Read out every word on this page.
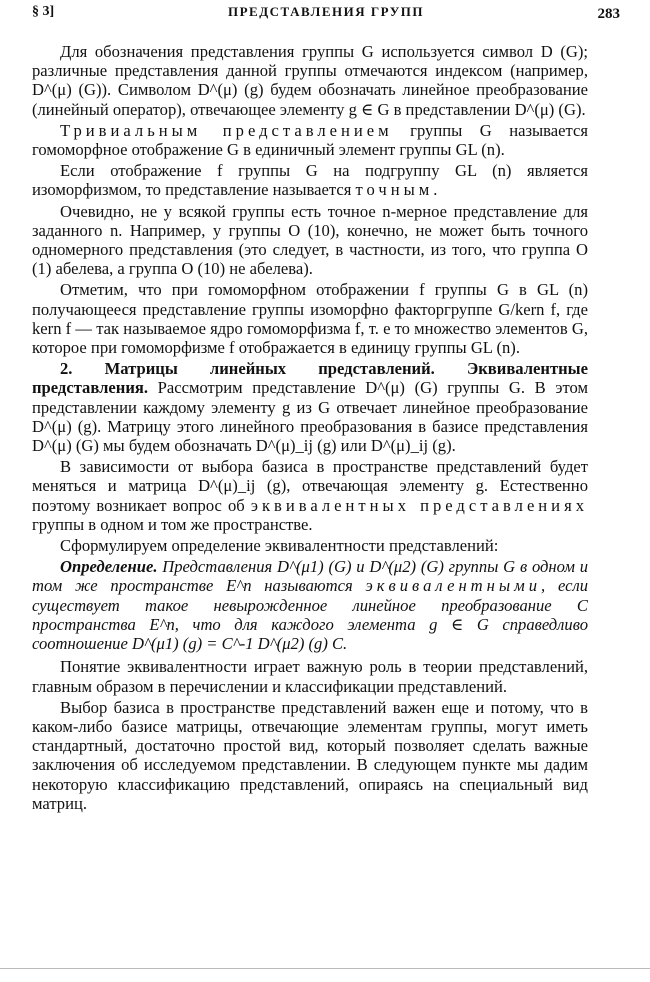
§ 3]	ПРЕДСТАВЛЕНИЯ ГРУПП	283

Для обозначения представления группы G используется символ D (G); различные представления данной группы отмечаются индексом (например, D^(μ) (G)). Символом D^(μ) (g) будем обозначать линейное преобразование (линейный оператор), отвечающее элементу g ∈ G в представлении D^(μ) (G).

Тривиальным представлением группы G называется гомоморфное отображение G в единичный элемент группы GL (n).

Если отображение f группы G на подгруппу GL (n) является изоморфизмом, то представление называется точным.

Очевидно, не у всякой группы есть точное n-мерное представление для заданного n. Например, у группы O (10), конечно, не может быть точного одномерного представления (это следует, в частности, из того, что группа O (1) абелева, а группа O (10) не абелева).

Отметим, что при гомоморфном отображении f группы G в GL (n) получающееся представление группы изоморфно факторгруппе G/kern f, где kern f — так называемое ядро гомоморфизма f, т. е то множество элементов G, которое при гомоморфизме f отображается в единицу группы GL (n).

2. Матрицы линейных представлений. Эквивалентные представления. Рассмотрим представление D^(μ) (G) группы G. В этом представлении каждому элементу g из G отвечает линейное преобразование D^(μ) (g). Матрицу этого линейного преобразования в базисе представления D^(μ) (G) мы будем обозначать D^(μ)_ij (g) или D^(μ)_ij (g).

В зависимости от выбора базиса в пространстве представлений будет меняться и матрица D^(μ)_ij (g), отвечающая элементу g. Естественно поэтому возникает вопрос об эквивалентных представлениях группы в одном и том же пространстве.

Сформулируем определение эквивалентности представлений:

Определение. Представления D^(μ1) (G) и D^(μ2) (G) группы G в одном и том же пространстве E^n называются эквивалентными, если существует такое невырожденное линейное преобразование C пространства E^n, что для каждого элемента g ∈ G справедливо соотношение D^(μ1) (g) = C^-1 D^(μ2) (g) C.

Понятие эквивалентности играет важную роль в теории представлений, главным образом в перечислении и классификации представлений.

Выбор базиса в пространстве представлений важен еще и потому, что в каком-либо базисе матрицы, отвечающие элементам группы, могут иметь стандартный, достаточно простой вид, который позволяет сделать важные заключения об исследуемом представлении. В следующем пункте мы дадим некоторую классификацию представлений, опираясь на специальный вид матриц.
